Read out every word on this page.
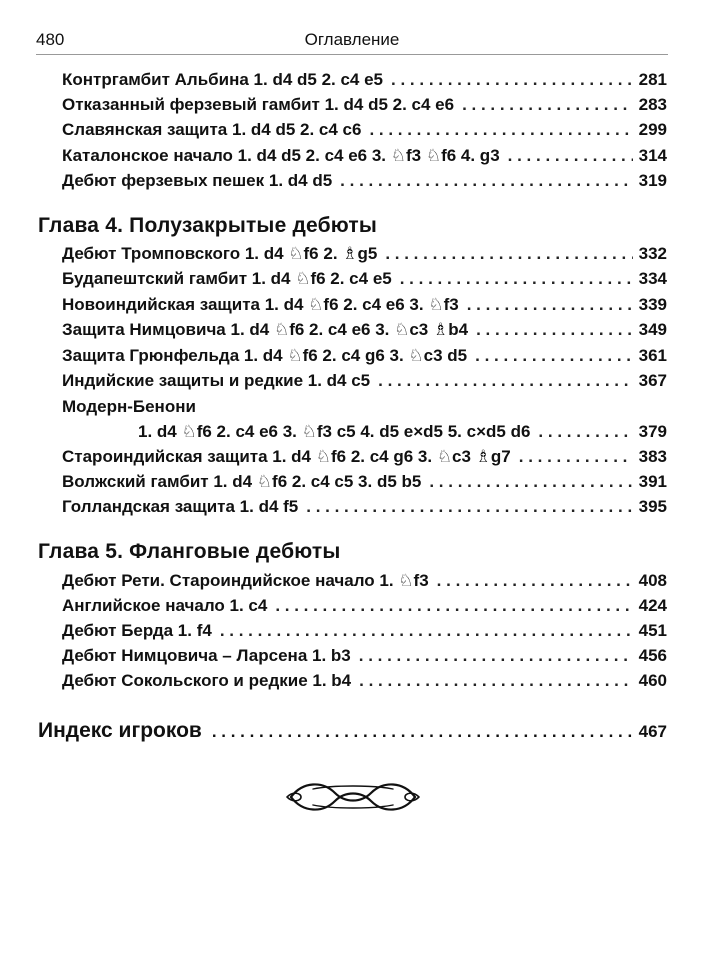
480	Оглавление
Контргамбит Альбина 1. d4 d5 2. c4 e5 . . .	281
Отказанный ферзевый гамбит 1. d4 d5 2. c4 e6 . . .	283
Славянская защита 1. d4 d5 2. c4 c6 . . .	299
Каталонское начало 1. d4 d5 2. c4 e6 3. ♘f3 ♘f6 4. g3 . . .	314
Дебют ферзевых пешек 1. d4 d5 . . .	319
Глава 4. Полузакрытые дебюты
Дебют Тромповского 1. d4 ♘f6 2. ♗g5 . . .	332
Будапештский гамбит 1. d4 ♘f6 2. c4 e5 . . .	334
Новоиндийская защита 1. d4 ♘f6 2. c4 e6 3. ♘f3 . . .	339
Защита Нимцовича 1. d4 ♘f6 2. c4 e6 3. ♘c3 ♗b4 . . .	349
Защита Грюнфельда 1. d4 ♘f6 2. c4 g6 3. ♘c3 d5 . . .	361
Индийские защиты и редкие 1. d4 c5 . . .	367
Модерн-Бенони
1. d4 ♘f6 2. c4 e6 3. ♘f3 c5 4. d5 e×d5 5. c×d5 d6 . . .	379
Староиндийская защита 1. d4 ♘f6 2. c4 g6 3. ♘c3 ♗g7 . . .	383
Волжский гамбит 1. d4 ♘f6 2. c4 c5 3. d5 b5 . . .	391
Голландская защита 1. d4 f5 . . .	395
Глава 5. Фланговые дебюты
Дебют Рети. Староиндийское начало 1. ♘f3 . . .	408
Английское начало 1. c4 . . .	424
Дебют Берда 1. f4 . . .	451
Дебют Нимцовича – Ларсена 1. b3 . . .	456
Дебют Сокольского и редкие 1. b4 . . .	460
Индекс игроков . . .	467
